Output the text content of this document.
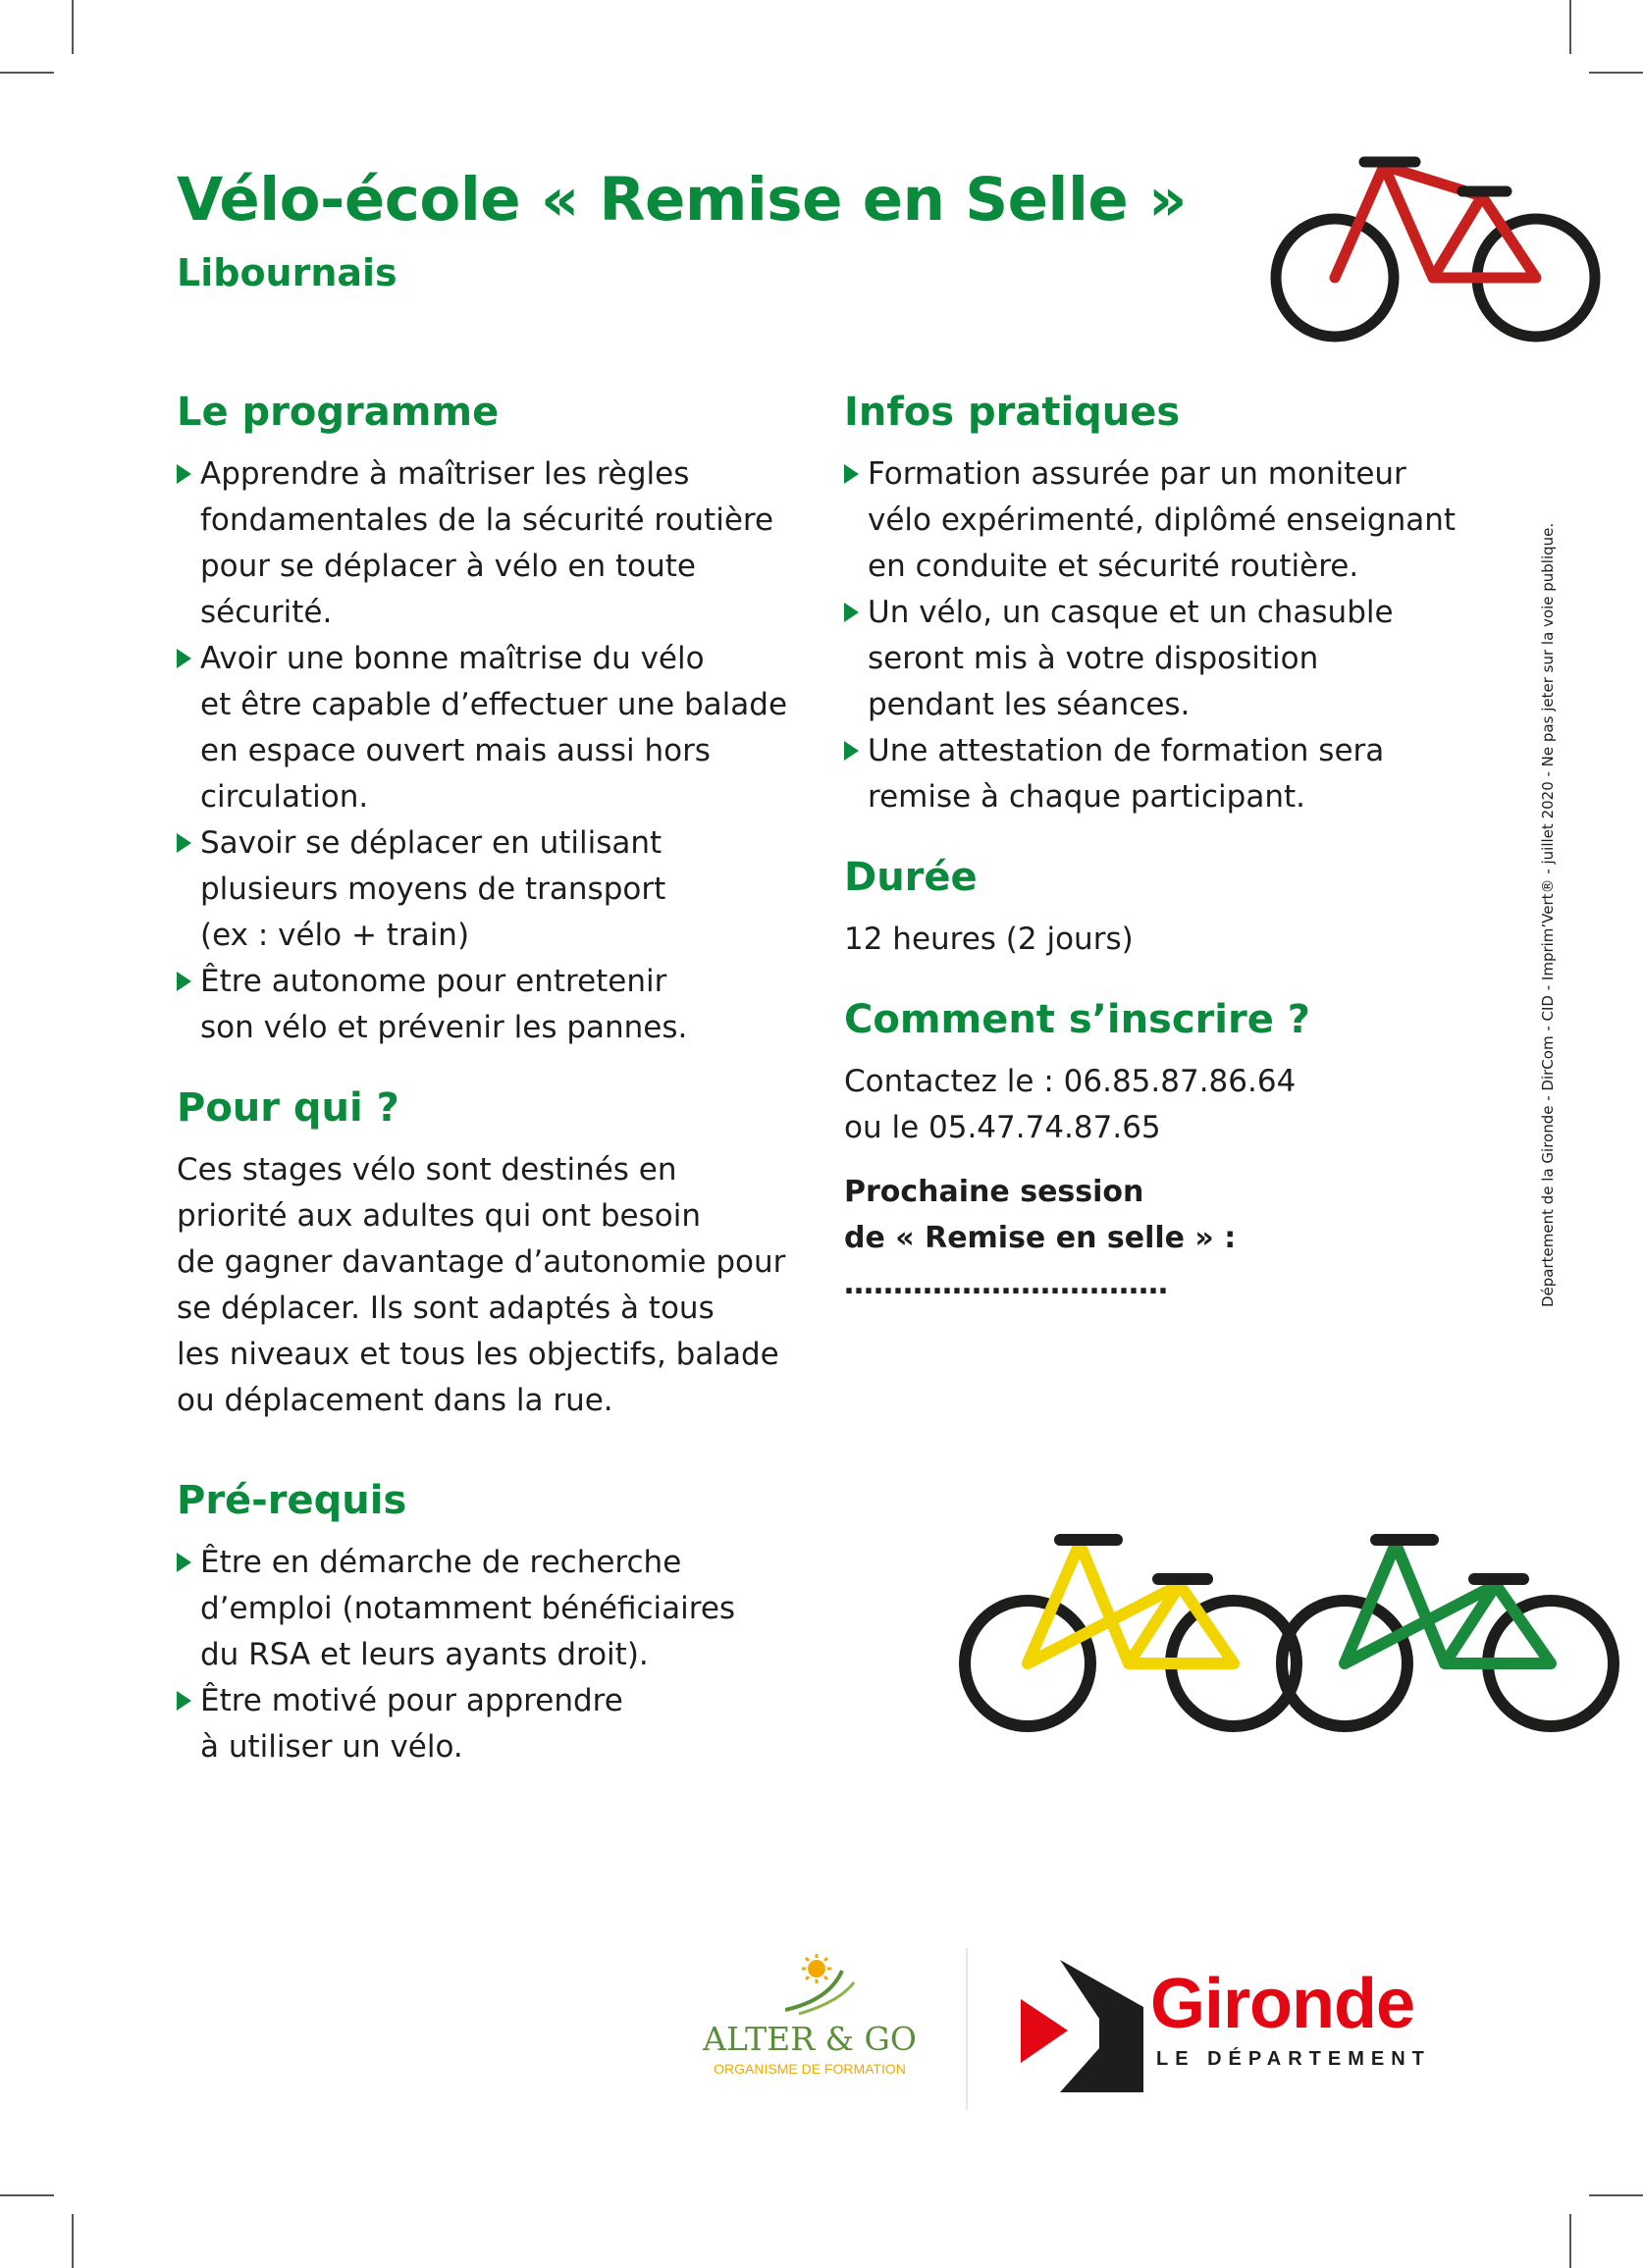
Vélo-école « Remise en Selle »

Libournais

Le programme
Apprendre à maîtriser les règles
fondamentales de la sécurité routière
pour se déplacer à vélo en toute
sécurité.
Avoir une bonne maîtrise du vélo
et être capable d’effectuer une balade
en espace ouvert mais aussi hors
circulation.
Savoir se déplacer en utilisant
plusieurs moyens de transport
(ex : vélo + train)
Être autonome pour entretenir
son vélo et prévenir les pannes.
Pour qui ?

Ces stages vélo sont destinés en
priorité aux adultes qui ont besoin
de gagner davantage d’autonomie pour
se déplacer. Ils sont adaptés à tous
les niveaux et tous les objectifs, balade
ou déplacement dans la rue.

Pré-requis
Être en démarche de recherche
d’emploi (notamment bénéficiaires
du RSA et leurs ayants droit).
Être motivé pour apprendre
à utiliser un vélo.
Infos pratiques
Formation assurée par un moniteur
vélo expérimenté, diplômé enseignant
en conduite et sécurité routière.
Un vélo, un casque et un chasuble
seront mis à votre disposition
pendant les séances.
Une attestation de formation sera
remise à chaque participant.
Durée

12 heures (2 jours)

Comment s’inscrire ?

Contactez le : 06.85.87.86.64
ou le 05.47.74.87.65

Prochaine session
de « Remise en selle » : ……………………………	Département de la Gironde - DirCom - CID - Imprim’Vert® - juillet 2020 - Ne pas jeter sur la voie publique.
ALTER & GO
ORGANISME DE FORMATION
Gironde
LE DÉPARTEMENT
